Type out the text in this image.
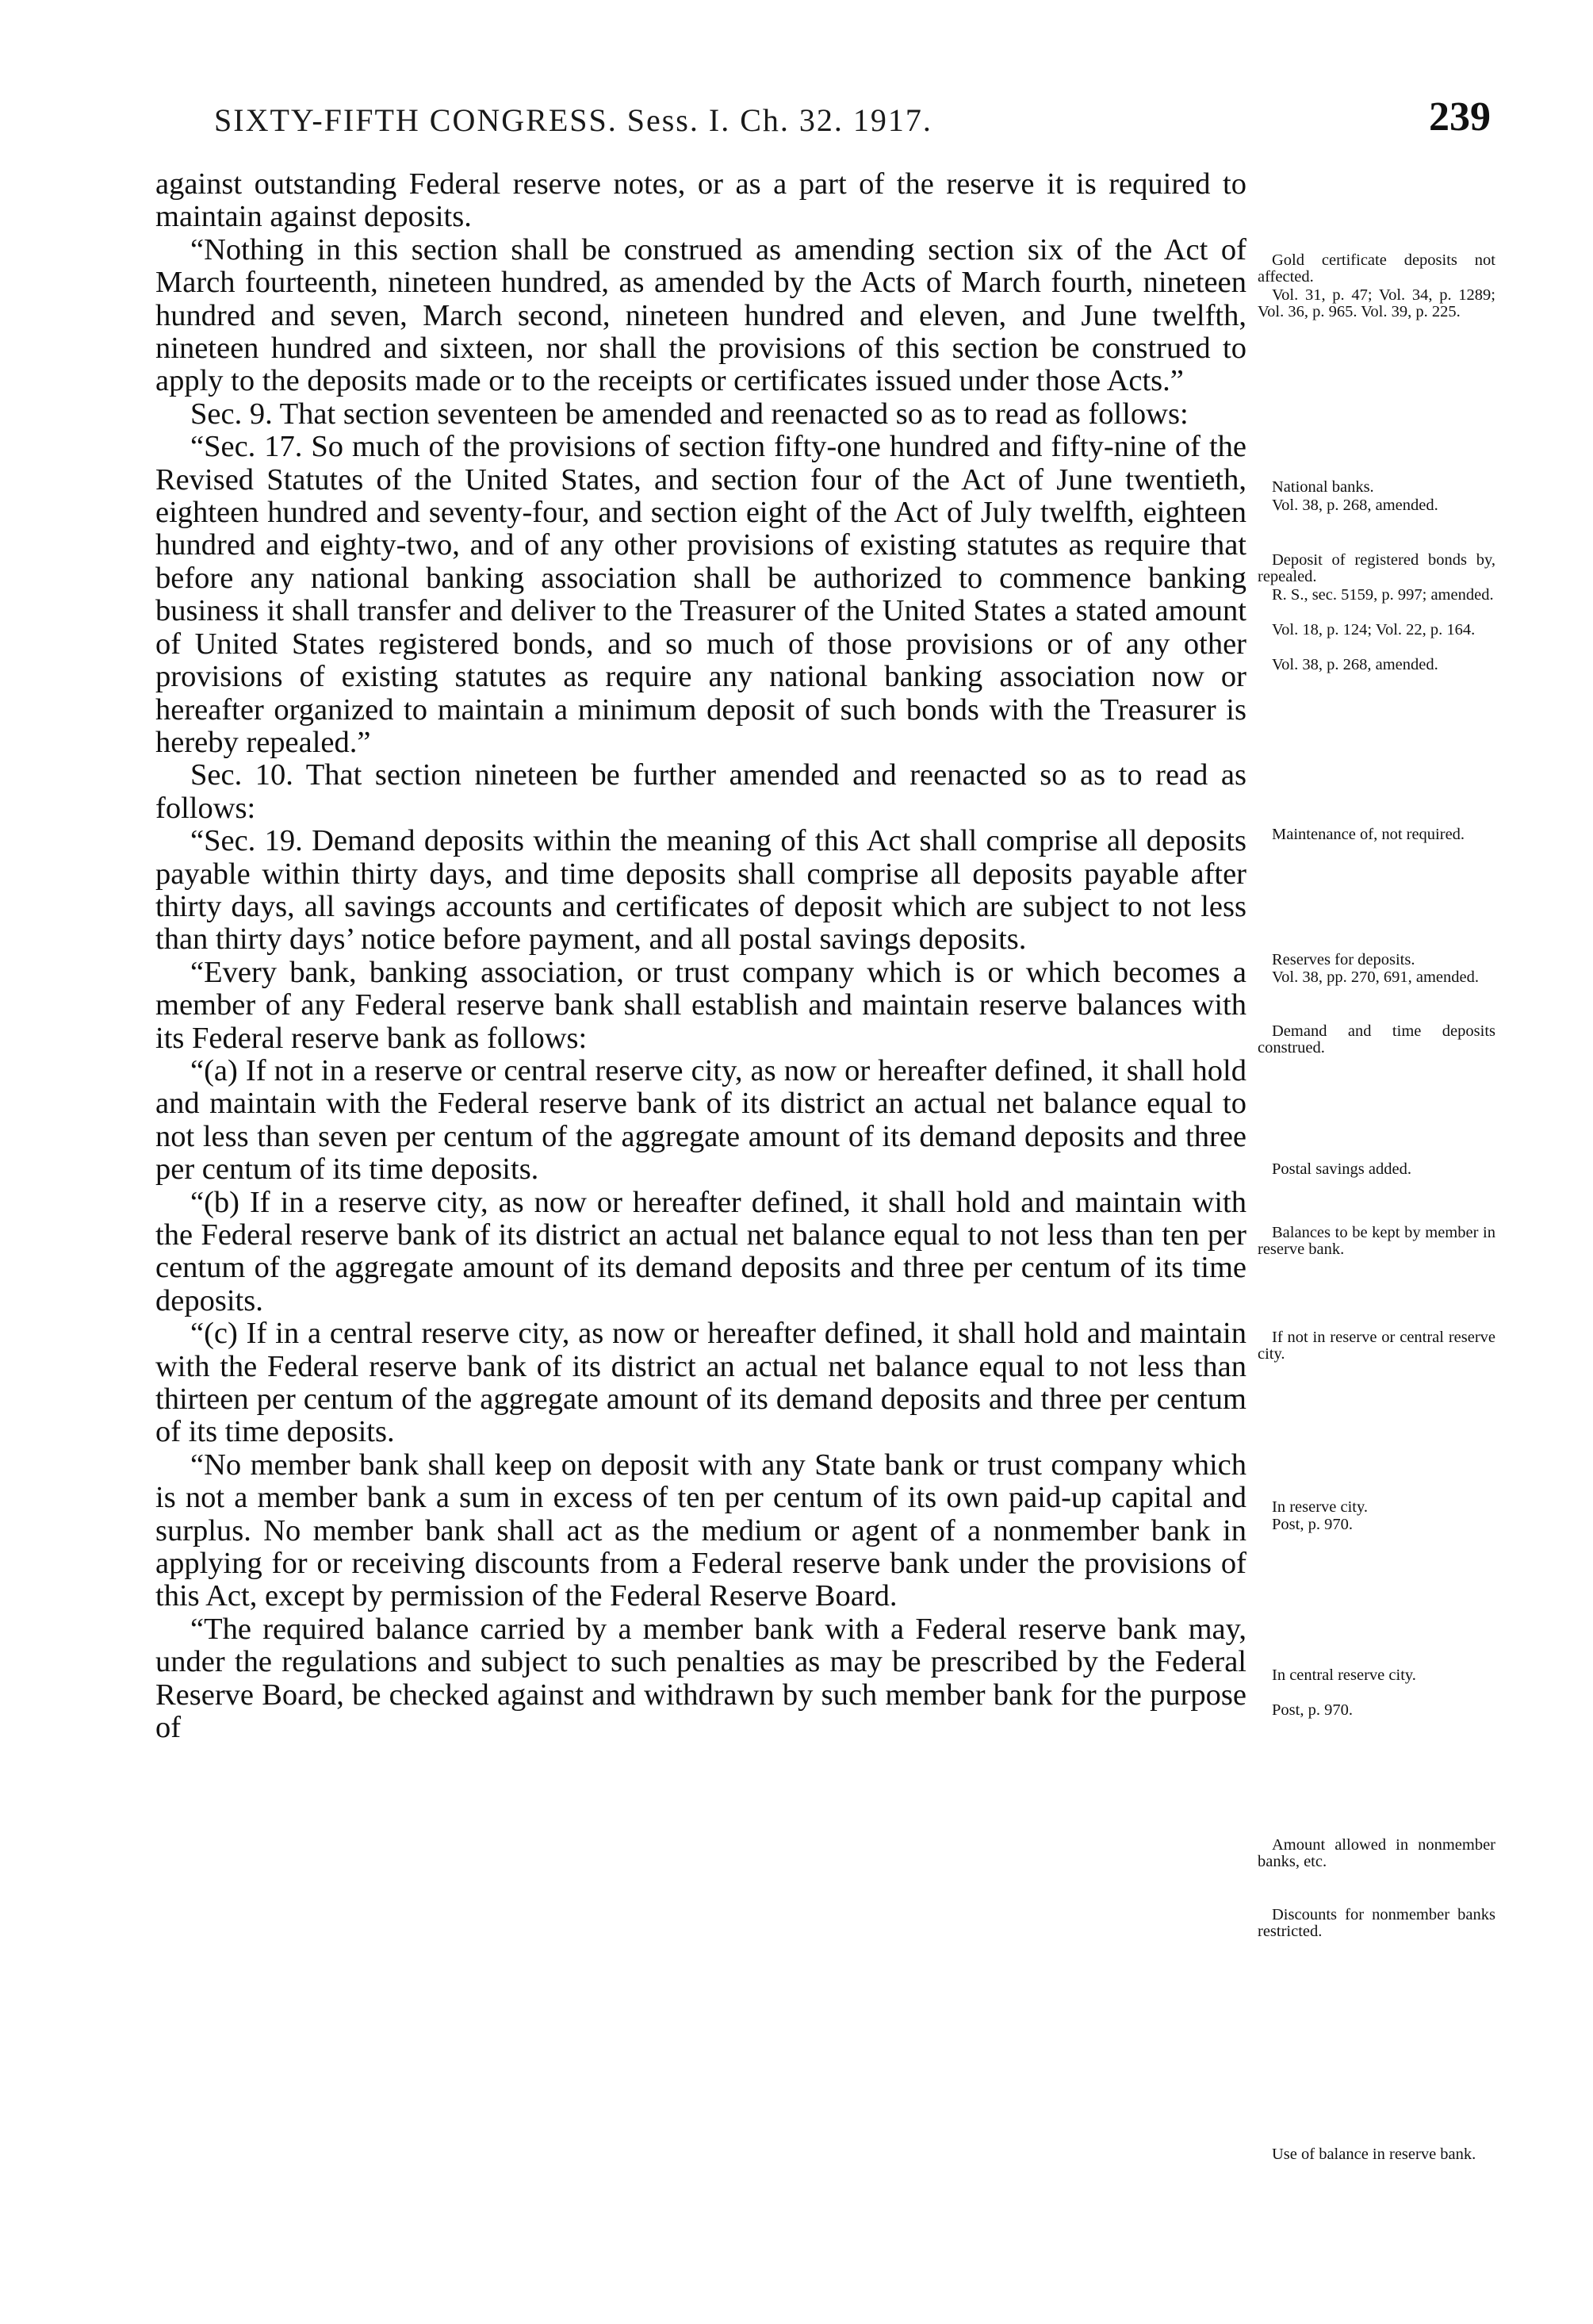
SIXTY-FIFTH CONGRESS. Sess. I. Ch. 32. 1917.	239

against outstanding Federal reserve notes, or as a part of the reserve it is required to maintain against deposits.

“Nothing in this section shall be construed as amending section six of the Act of March fourteenth, nineteen hundred, as amended by the Acts of March fourth, nineteen hundred and seven, March second, nineteen hundred and eleven, and June twelfth, nineteen hundred and sixteen, nor shall the provisions of this section be construed to apply to the deposits made or to the receipts or certificates issued under those Acts.”

Sec. 9. That section seventeen be amended and reenacted so as to read as follows:

“Sec. 17. So much of the provisions of section fifty-one hundred and fifty-nine of the Revised Statutes of the United States, and section four of the Act of June twentieth, eighteen hundred and seventy-four, and section eight of the Act of July twelfth, eighteen hundred and eighty-two, and of any other provisions of existing statutes as require that before any national banking association shall be authorized to commence banking business it shall transfer and deliver to the Treasurer of the United States a stated amount of United States registered bonds, and so much of those provisions or of any other provisions of existing statutes as require any national banking association now or hereafter organized to maintain a minimum deposit of such bonds with the Treasurer is hereby repealed.”

Sec. 10. That section nineteen be further amended and reenacted so as to read as follows:

“Sec. 19. Demand deposits within the meaning of this Act shall comprise all deposits payable within thirty days, and time deposits shall comprise all deposits payable after thirty days, all savings accounts and certificates of deposit which are subject to not less than thirty days’ notice before payment, and all postal savings deposits.

“Every bank, banking association, or trust company which is or which becomes a member of any Federal reserve bank shall establish and maintain reserve balances with its Federal reserve bank as follows:

“(a) If not in a reserve or central reserve city, as now or hereafter defined, it shall hold and maintain with the Federal reserve bank of its district an actual net balance equal to not less than seven per centum of the aggregate amount of its demand deposits and three per centum of its time deposits.

“(b) If in a reserve city, as now or hereafter defined, it shall hold and maintain with the Federal reserve bank of its district an actual net balance equal to not less than ten per centum of the aggregate amount of its demand deposits and three per centum of its time deposits.

“(c) If in a central reserve city, as now or hereafter defined, it shall hold and maintain with the Federal reserve bank of its district an actual net balance equal to not less than thirteen per centum of the aggregate amount of its demand deposits and three per centum of its time deposits.

“No member bank shall keep on deposit with any State bank or trust company which is not a member bank a sum in excess of ten per centum of its own paid-up capital and surplus. No member bank shall act as the medium or agent of a nonmember bank in applying for or receiving discounts from a Federal reserve bank under the provisions of this Act, except by permission of the Federal Reserve Board.

“The required balance carried by a member bank with a Federal reserve bank may, under the regulations and subject to such penalties as may be prescribed by the Federal Reserve Board, be checked against and withdrawn by such member bank for the purpose of

Gold certificate deposits not affected.
Vol. 31, p. 47; Vol. 34, p. 1289; Vol. 36, p. 965. Vol. 39, p. 225.
National banks.
Vol. 38, p. 268, amended.
Deposit of registered bonds by, repealed.
R. S., sec. 5159, p. 997; amended.
Vol. 18, p. 124; Vol. 22, p. 164.
Vol. 38, p. 268, amended.
Maintenance of, not required.
Reserves for deposits.
Vol. 38, pp. 270, 691, amended.
Demand and time deposits construed.
Postal savings added.
Balances to be kept by member in reserve bank.
If not in reserve or central reserve city.
In reserve city.
Post, p. 970.
In central reserve city.
Post, p. 970.
Amount allowed in nonmember banks, etc.
Discounts for nonmember banks restricted.
Use of balance in reserve bank.
